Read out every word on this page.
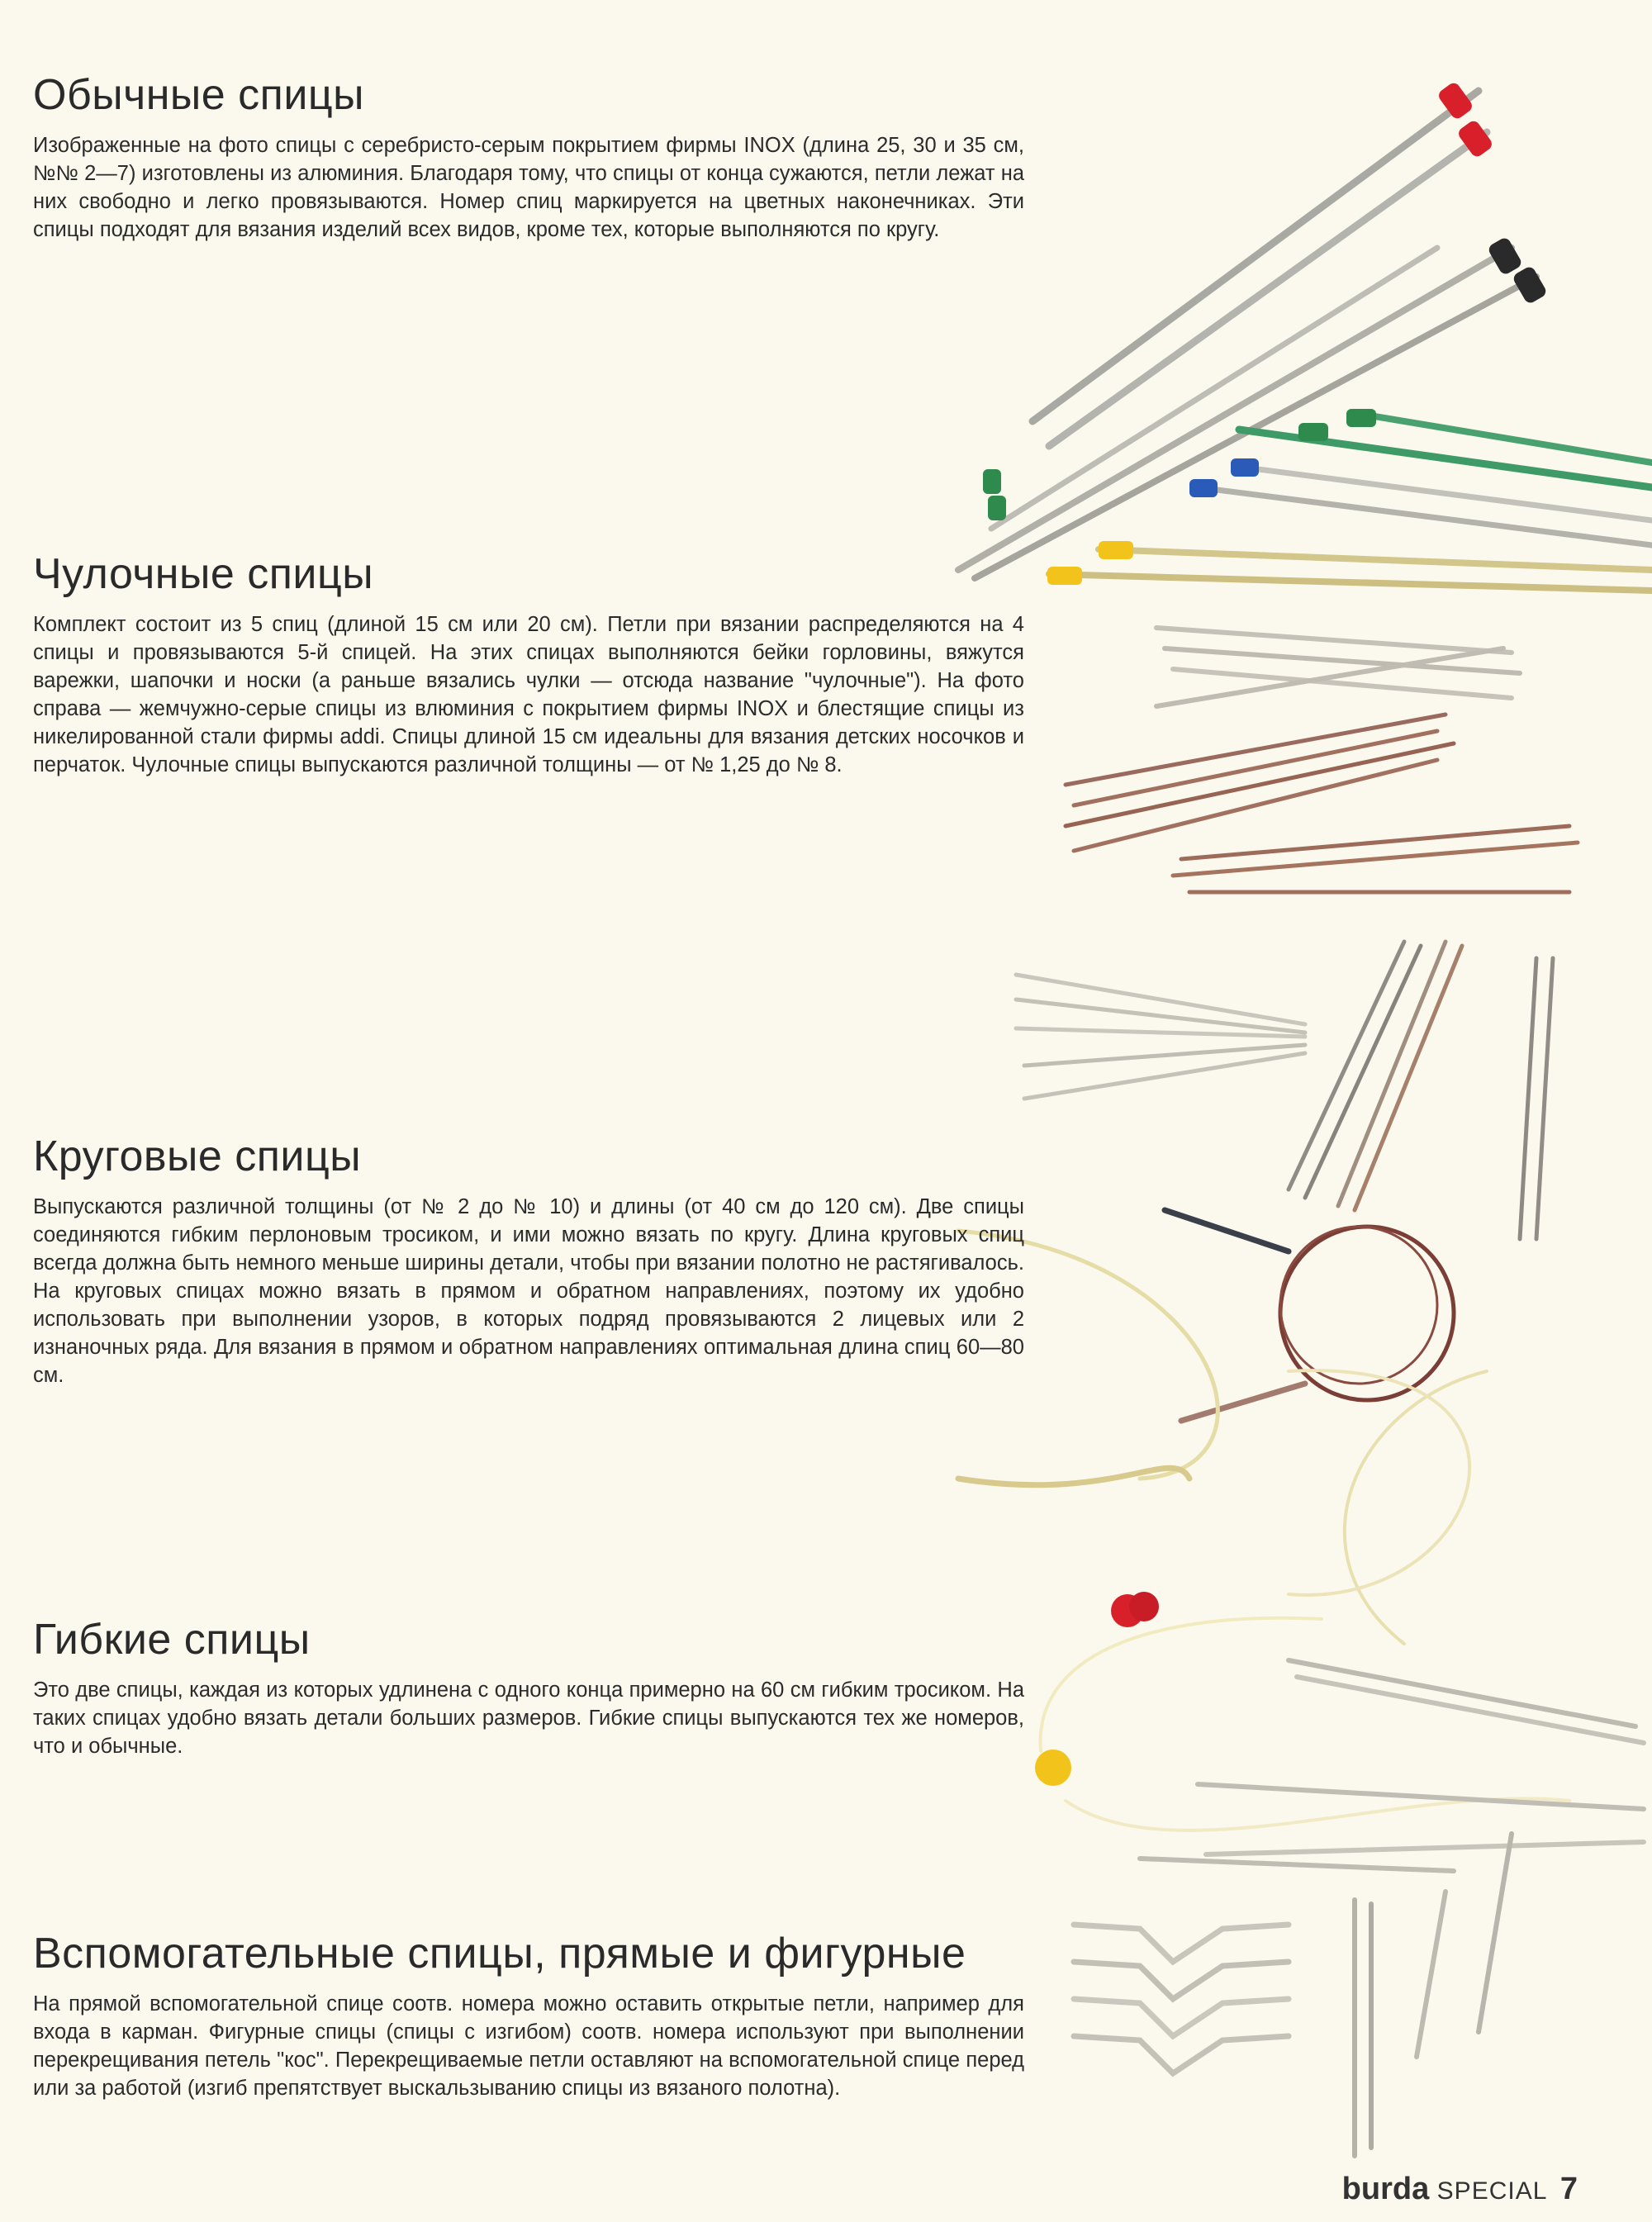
Обычные спицы

Изображенные на фото спицы с серебристо-серым покрытием фирмы INOX (длина 25, 30 и 35 см, №№ 2—7) изготовлены из алюминия. Благодаря тому, что спицы от конца сужаются, петли лежат на них свободно и легко провязываются. Номер спиц маркируется на цветных наконечниках. Эти спицы подходят для вязания изделий всех видов, кроме тех, которые выполняются по кругу.

Чулочные спицы

Комплект состоит из 5 спиц (длиной 15 см или 20 см). Петли при вязании распределяются на 4 спицы и провязываются 5-й спицей. На этих спицах выполняются бейки горловины, вяжутся варежки, шапочки и носки (а раньше вязались чулки — отсюда название "чулочные"). На фото справа — жемчужно-серые спицы из влюминия с покрытием фирмы INOX и блестящие спицы из никелированной стали фирмы addi. Спицы длиной 15 см идеальны для вязания детских носочков и перчаток. Чулочные спицы выпускаются различной толщины — от № 1,25 до № 8.

Круговые спицы

Выпускаются различной толщины (от № 2 до № 10) и длины (от 40 см до 120 см). Две спицы соединяются гибким перлоновым тросиком, и ими можно вязать по кругу. Длина круговых спиц всегда должна быть немного меньше ширины детали, чтобы при вязании полотно не растягивалось. На круговых спицах можно вязать в прямом и обратном направлениях, поэтому их удобно использовать при выполнении узоров, в которых подряд провязываются 2 лицевых или 2 изнаночных ряда. Для вязания в прямом и обратном направлениях оптимальная длина спиц 60—80 см.

Гибкие спицы

Это две спицы, каждая из которых удлинена с одного конца примерно на 60 см гибким тросиком. На таких спицах удобно вязать детали больших размеров. Гибкие спицы выпускаются тех же номеров, что и обычные.

Вспомогательные спицы, прямые и фигурные

На прямой вспомогательной спице соотв. номера можно оставить открытые петли, например для входа в карман. Фигурные спицы (спицы с изгибом) соотв. номера используют при выполнении перекрещивания петель "кос". Перекрещиваемые петли оставляют на вспомогательной спице перед или за работой (изгиб препятствует выскальзыванию спицы из вязаного полотна).

burda SPECIAL 7
